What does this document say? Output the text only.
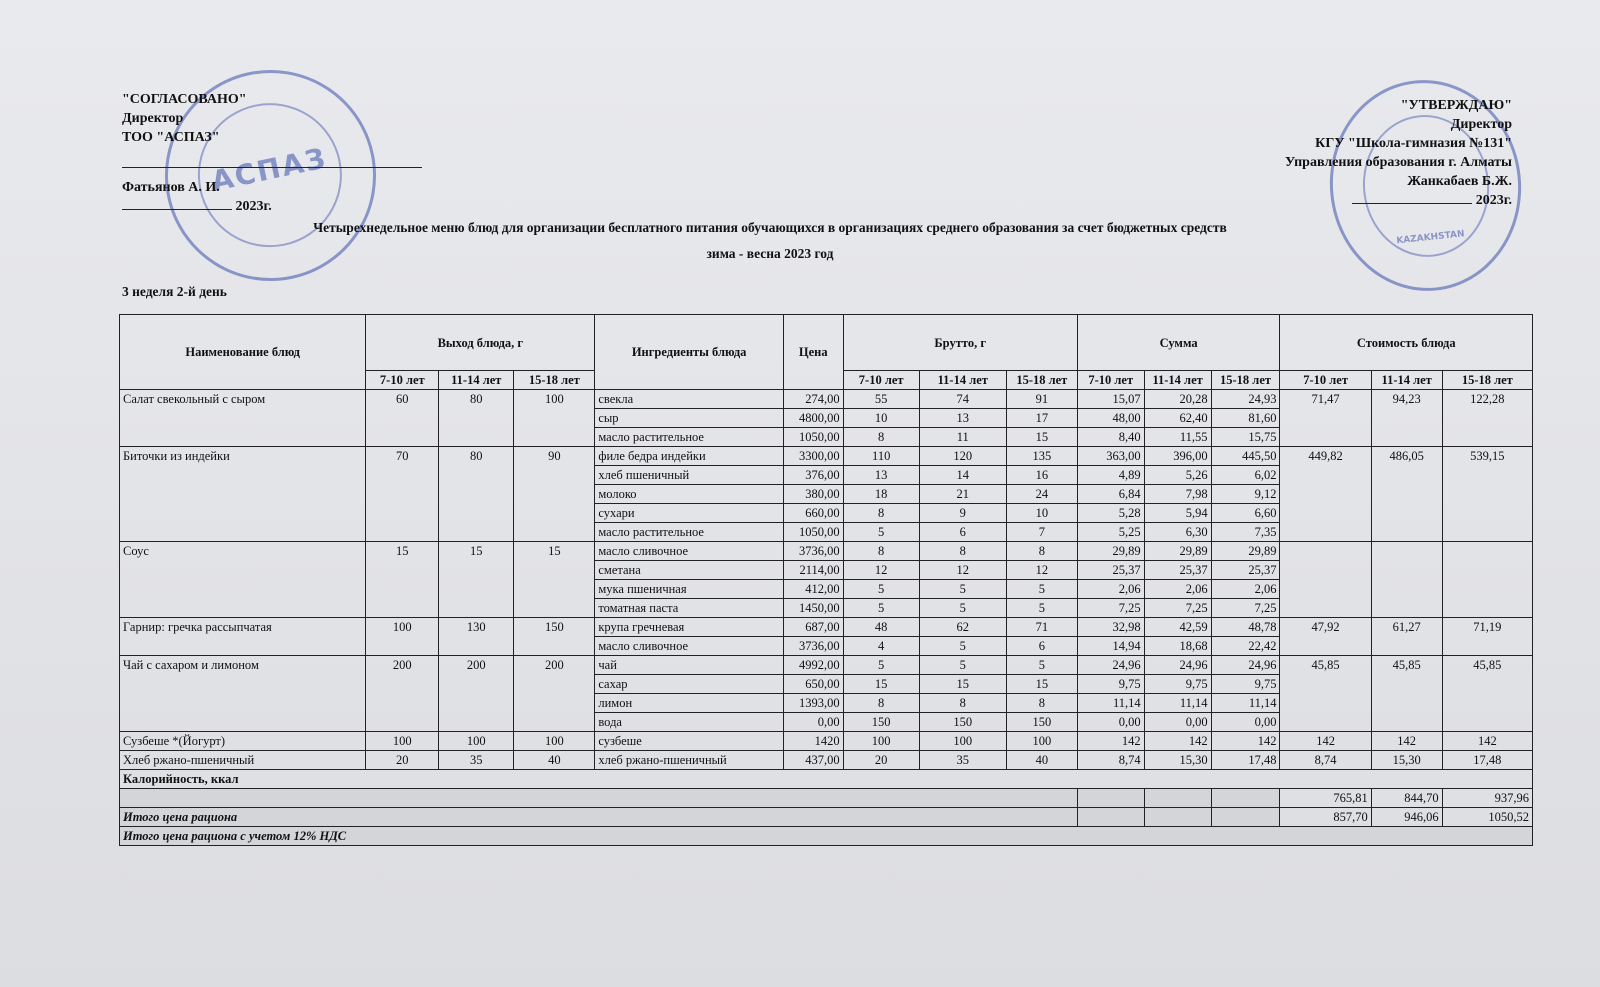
АСПАЗ
KAZAKHSTAN
"СОГЛАСОВАНО"
Директор
ТОО "АСПАЗ"
Фатьянов А. И.
2023г.
"УТВЕРЖДАЮ"
Директор
КГУ "Школа-гимназия №131"
Управления образования г. Алматы
Жанкабаев Б.Ж.
2023г.
Четырехнедельное меню блюд для организации бесплатного питания обучающихся в организациях среднего образования за счет бюджетных средств
зима - весна 2023 год
3 неделя 2-й день
Наименование блюд	Выход блюда, г			Ингредиенты блюда	Цена	Брутто, г			Сумма			Стоимость блюда		
	7-10 лет	11-14 лет	15-18 лет			7-10 лет	11-14 лет	15-18 лет	7-10 лет	11-14 лет	15-18 лет	7-10 лет	11-14 лет	15-18 лет
Салат свекольный с сыром	60	80	100	свекла	274,00	55	74	91	15,07	20,28	24,93	71,47	94,23	122,28
				сыр	4800,00	10	13	17	48,00	62,40	81,60			
				масло растительное	1050,00	8	11	15	8,40	11,55	15,75			
Биточки из индейки	70	80	90	филе бедра индейки	3300,00	110	120	135	363,00	396,00	445,50	449,82	486,05	539,15
				хлеб пшеничный	376,00	13	14	16	4,89	5,26	6,02			
				молоко	380,00	18	21	24	6,84	7,98	9,12			
				сухари	660,00	8	9	10	5,28	5,94	6,60			
				масло растительное	1050,00	5	6	7	5,25	6,30	7,35			
Соус	15	15	15	масло сливочное	3736,00	8	8	8	29,89	29,89	29,89			
				сметана	2114,00	12	12	12	25,37	25,37	25,37			
				мука пшеничная	412,00	5	5	5	2,06	2,06	2,06			
				томатная паста	1450,00	5	5	5	7,25	7,25	7,25			
Гарнир: гречка рассыпчатая	100	130	150	крупа гречневая	687,00	48	62	71	32,98	42,59	48,78	47,92	61,27	71,19
				масло сливочное	3736,00	4	5	6	14,94	18,68	22,42			
Чай с сахаром и лимоном	200	200	200	чай	4992,00	5	5	5	24,96	24,96	24,96	45,85	45,85	45,85
				сахар	650,00	15	15	15	9,75	9,75	9,75			
				лимон	1393,00	8	8	8	11,14	11,14	11,14			
				вода	0,00	150	150	150	0,00	0,00	0,00			
Сузбеше *(Йогурт)	100	100	100	сузбеше	1420	100	100	100	142	142	142	142	142	142
Хлеб ржано-пшеничный	20	35	40	хлеб ржано-пшеничный	437,00	20	35	40	8,74	15,30	17,48	8,74	15,30	17,48
Калорийность, ккал														
												765,81	844,70	937,96
Итого цена рациона												857,70	946,06	1050,52
Итого цена рациона с учетом 12% НДС														
